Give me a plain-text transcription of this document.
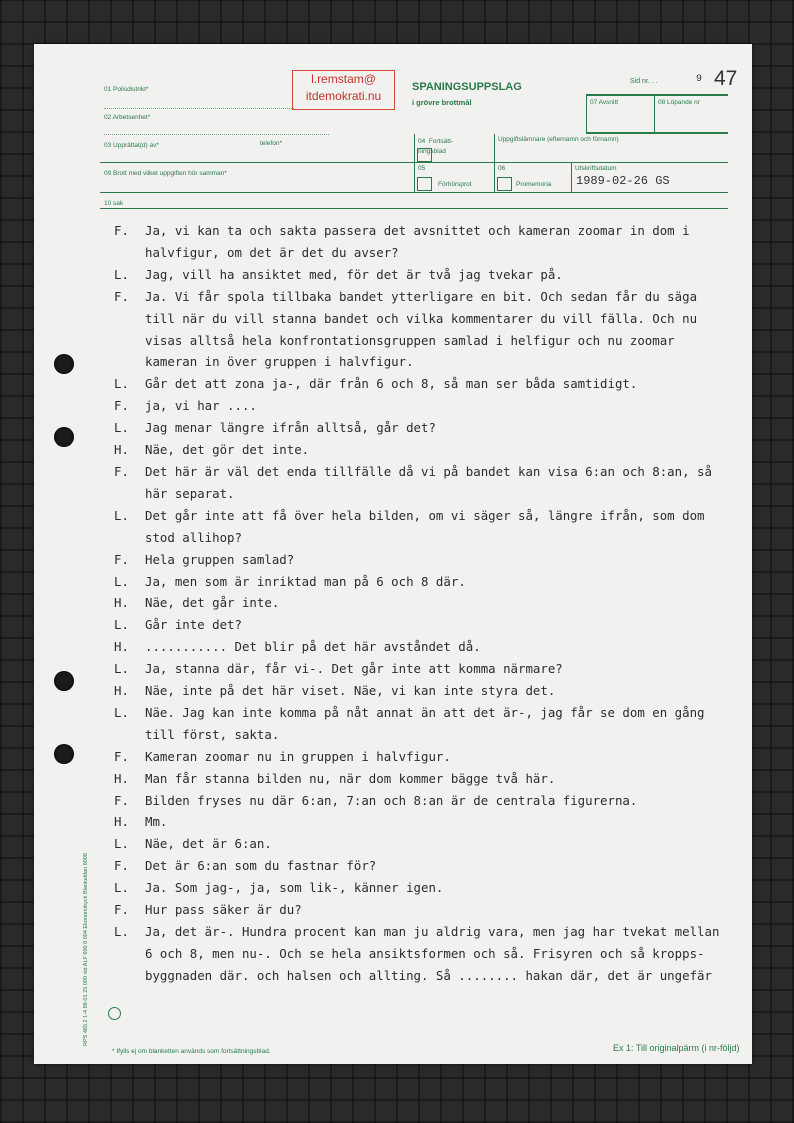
01 Polisdistrikt*
02 Arbetsenhet*
03 Upprättat(d) av*	telefon*
l.remstam@
itdemokrati.nu
SPANINGSUPPSLAG
i grövre brottmål
Sid nr . . .	9 47
07 Avsnitt	08 Löpande nr
04  Fortsätt-
ningsblad
Uppgiftslämnare (efternamn och förnamn)
09 Brott med vilket uppgiften hör samman*
05
Förhörsprot
06
Promemoria
Utskriftsdatum
1989-02-26 GS
10 sak
F.	Ja, vi kan ta och sakta passera det avsnittet och kameran zoomar in dom i halvfigur, om det är det du avser?
L.	Jag, vill ha ansiktet med, för det är två jag tvekar på.
F.	Ja. Vi får spola tillbaka bandet ytterligare en bit. Och sedan får du säga till när du vill stanna bandet och vilka kommentarer du vill fälla. Och nu visas alltså hela konfrontationsgruppen samlad i helfigur och nu zoomar kameran in över gruppen i halvfigur.
L.	Går det att zona ja-, där från 6 och 8, så man ser båda samtidigt.
F.	ja, vi har ....
L.	Jag menar längre ifrån alltså, går det?
H.	Näe, det gör det inte.
F.	Det här är väl det enda tillfälle då vi på bandet kan visa 6:an och 8:an, så här separat.
L.	Det går inte att få över hela bilden, om vi säger så, längre ifrån, som dom stod allihop?
F.	Hela gruppen samlad?
L.	Ja, men som är inriktad man på 6 och 8 där.
H.	Näe, det går inte.
L.	Går inte det?
H.	........... Det blir på det här avståndet då.
L.	Ja, stanna där, får vi-. Det går inte att komma närmare?
H.	Näe, inte på det här viset. Näe, vi kan inte styra det.
L.	Näe. Jag kan inte komma på nåt annat än att det är-, jag får se dom en gång till först, sakta.
F.	Kameran zoomar nu in gruppen i halvfigur.
H.	Man får stanna bilden nu, när dom kommer bägge två här.
F.	Bilden fryses nu där 6:an, 7:an och 8:an är de centrala figurerna.
H.	Mm.
L.	Näe, det är 6:an.
F.	Det är 6:an som du fastnar för?
L.	Ja. Som jag-, ja, som lik-, känner igen.
F.	Hur pass säker är du?
L.	Ja, det är-. Hundra procent kan man ju aldrig vara, men jag har tvekat mellan 6 och 8, men nu-. Och se hela ansiktsformen och så. Frisyren och så kropps-byggnaden där. och halsen och allting. Så ........ hakan där, det är ungefär
RPS 465.2 1-4 88-01 25 000 vid ALF 600 8 004 Ekonomitryck Blankettlan 8008
* Ifylls ej om blanketten används som fortsättningsblad.	Ex 1: Till originalpärm (i nr-följd)
